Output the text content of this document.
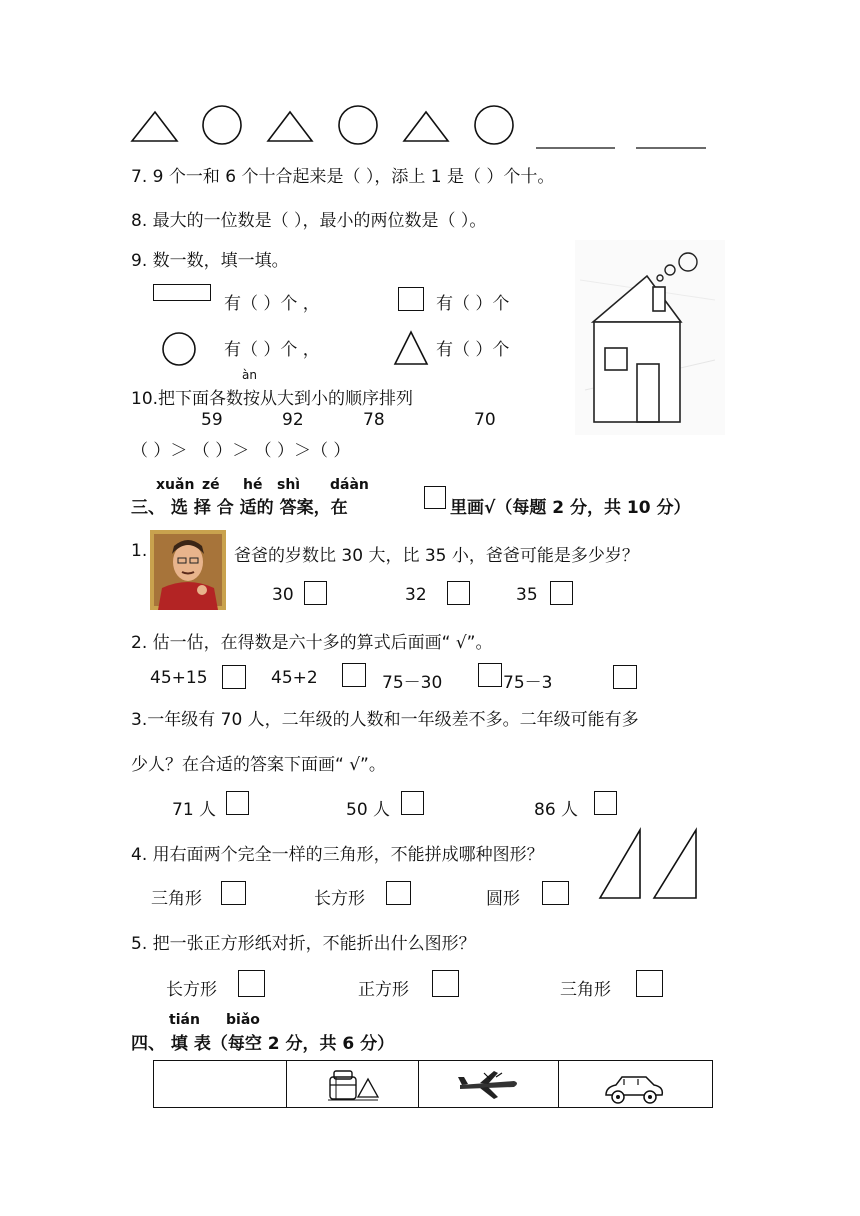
7. 9 个一和 6 个十合起来是（ ），添上 1 是（ ）个十。
8. 最大的一位数是（ ），最小的两位数是（ ）。
9. 数一数，填一填。
有（ ）个 ，	有（ ）个
有（ ）个 ，	有（ ）个
àn
10.把下面各数按从大到小的顺序排列
59	92	78	70
（ ）＞ （ ）＞ （ ）＞（ ）
xuǎn zé hé shì dáàn
三、 选 择 合 适的 答案，在	里画√（每题 2 分，共 10 分）
1.	爸爸的岁数比 30 大，比 35 小，爸爸可能是多少岁？
30	32	35
2. 估一估，在得数是六十多的算式后面画“ √”。
45+15	45+2	75－30	75－3
3.一年级有 70 人，二年级的人数和一年级差不多。二年级可能有多
少人？在合适的答案下面画“ √”。
71 人	50 人	86 人
4. 用右面两个完全一样的三角形，不能拼成哪种图形？
三角形	长方形	圆形
5. 把一张正方形纸对折，不能折出什么图形？
长方形	正方形	三角形
tián biǎo
四、 填 表（每空 2 分，共 6 分）
